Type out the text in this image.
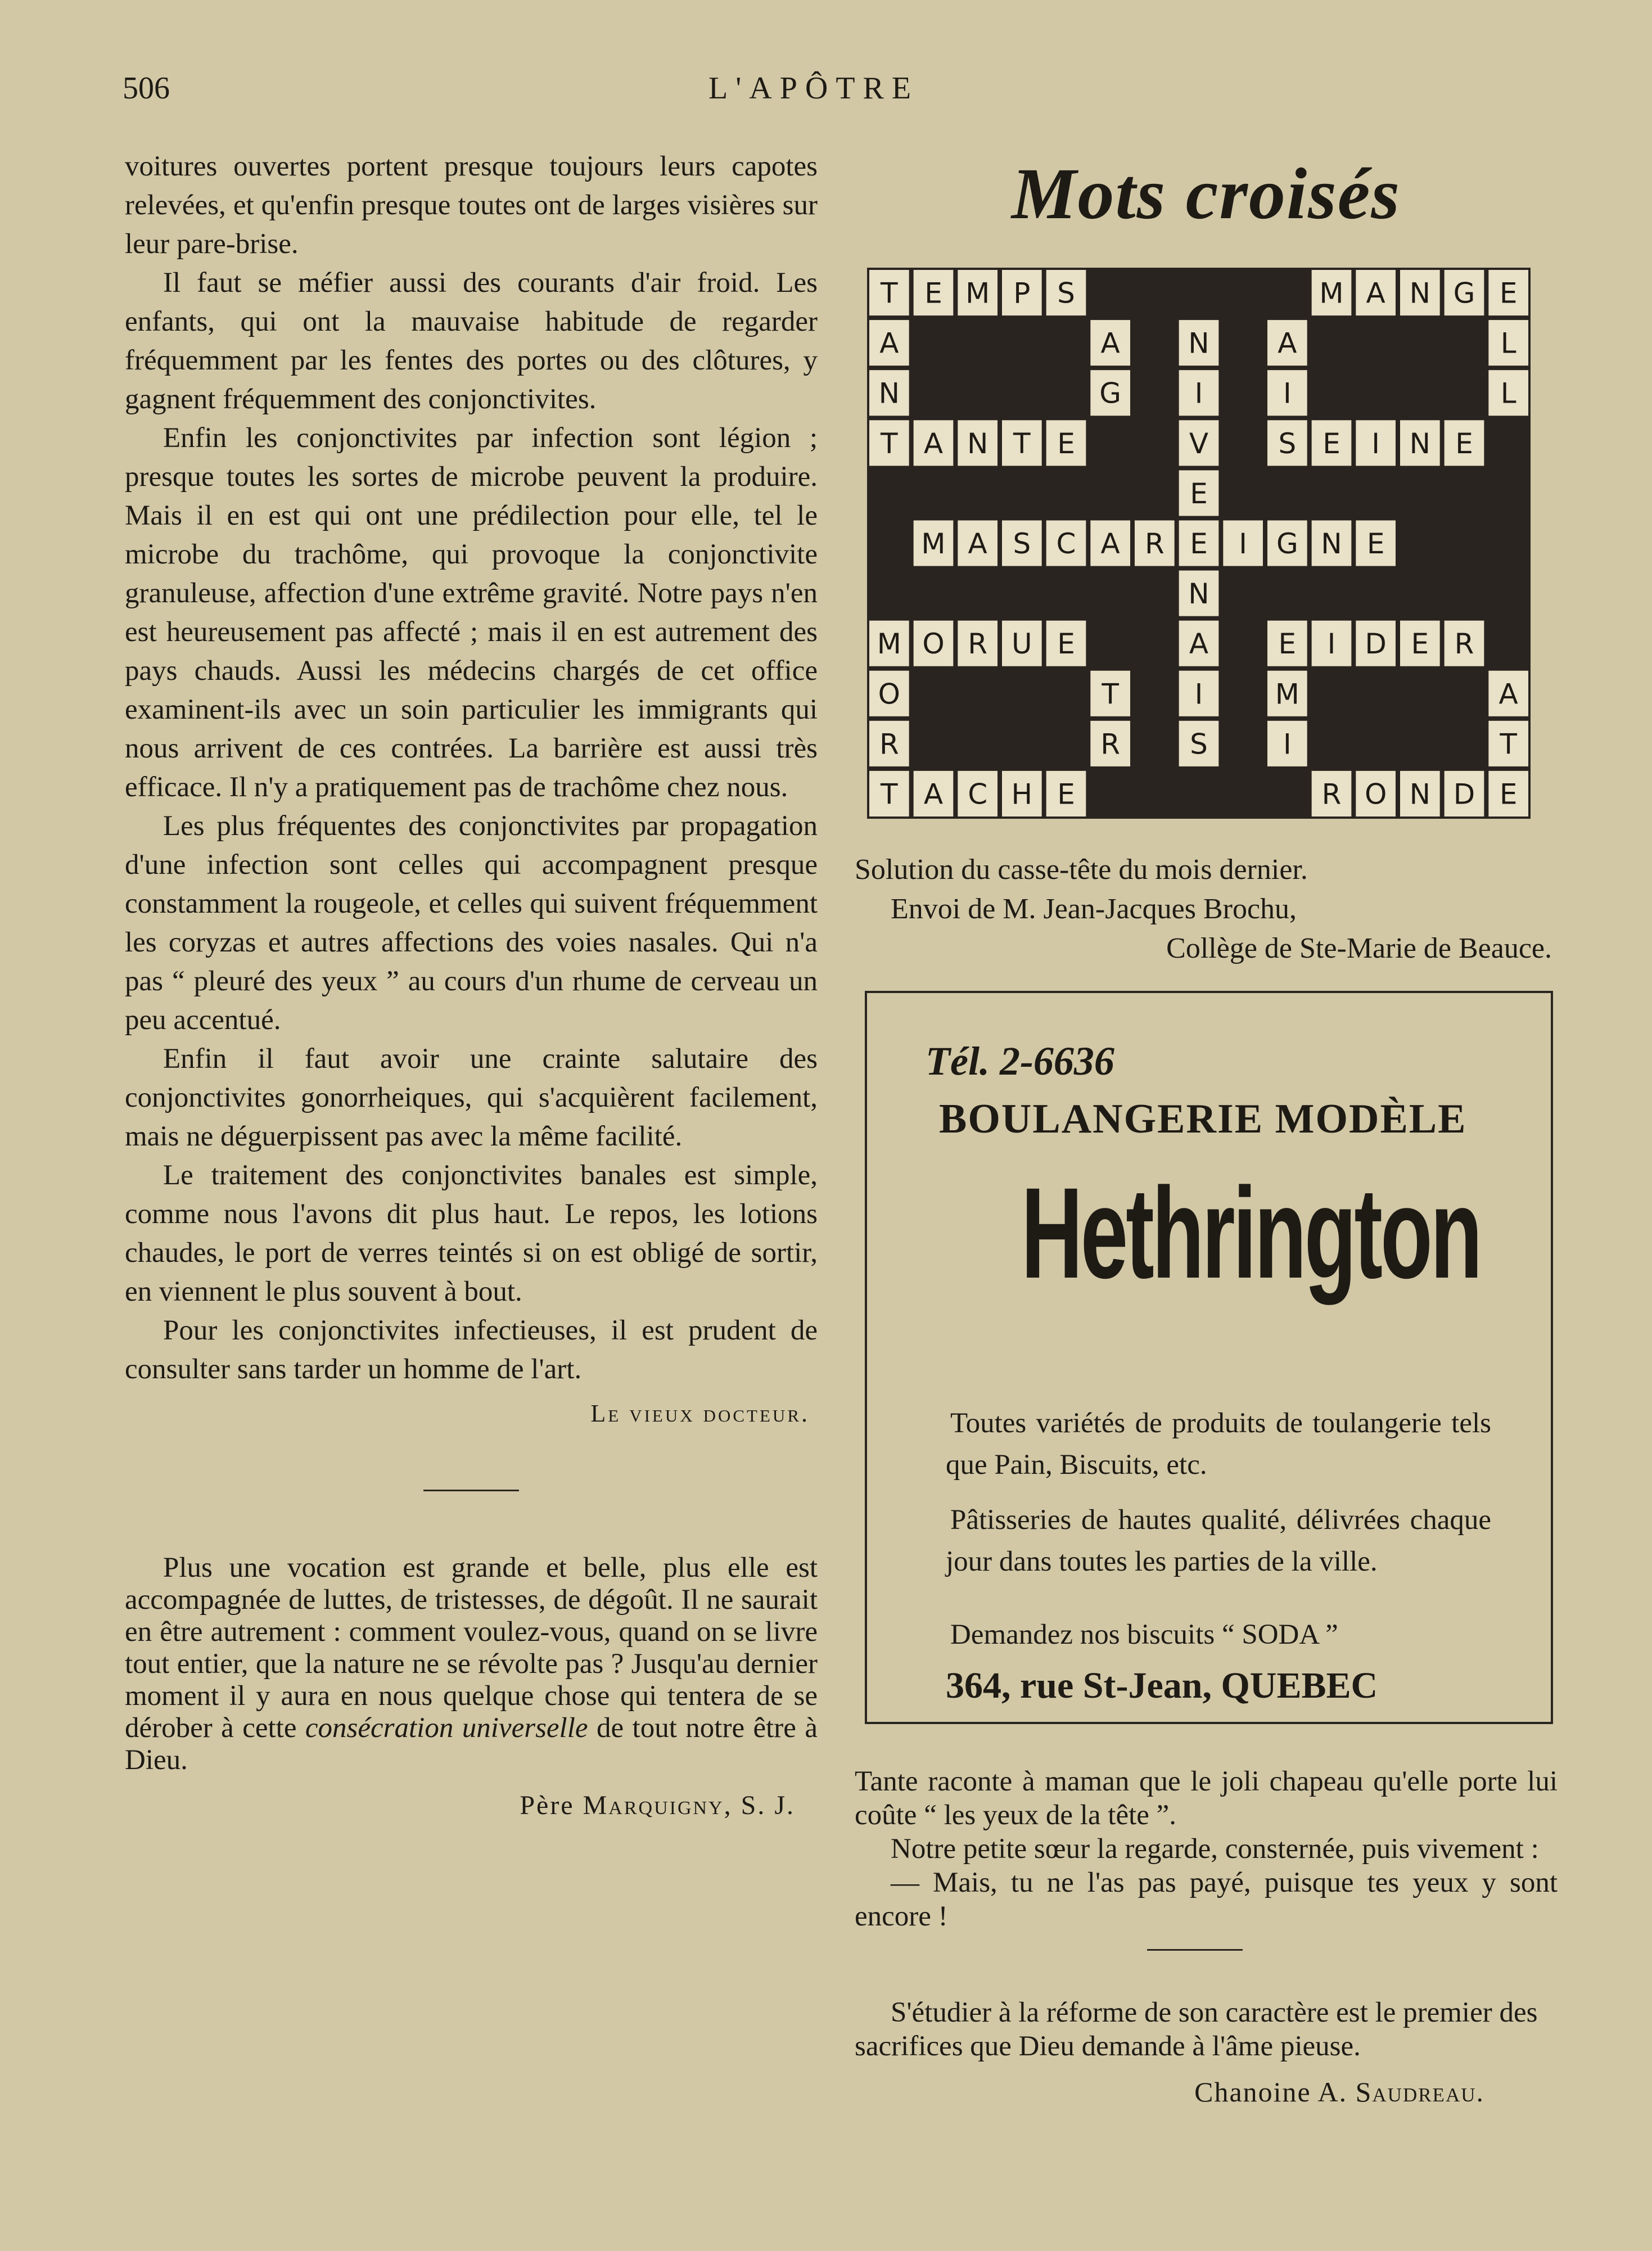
506	L'APÔTRE

voitures ouvertes portent presque toujours leurs capotes relevées, et qu'enfin presque toutes ont de larges visières sur leur pare-brise.

Il faut se méfier aussi des courants d'air froid. Les enfants, qui ont la mauvaise habitude de regarder fréquemment par les fentes des portes ou des clôtures, y gagnent fréquemment des conjonctivites.

Enfin les conjonctivites par infection sont légion ; presque toutes les sortes de microbe peuvent la produire. Mais il en est qui ont une prédilection pour elle, tel le microbe du trachôme, qui provoque la conjonctivite granuleuse, affection d'une extrême gravité. Notre pays n'en est heureusement pas affecté ; mais il en est autrement des pays chauds. Aussi les médecins chargés de cet office examinent-ils avec un soin particulier les immigrants qui nous arrivent de ces contrées. La barrière est aussi très efficace. Il n'y a pratiquement pas de trachôme chez nous.

Les plus fréquentes des conjonctivites par propagation d'une infection sont celles qui accompagnent presque constamment la rougeole, et celles qui suivent fréquemment les coryzas et autres affections des voies nasales. Qui n'a pas “ pleuré des yeux ” au cours d'un rhume de cerveau un peu accentué.

Enfin il faut avoir une crainte salutaire des conjonctivites gonorrheiques, qui s'acquièrent facilement, mais ne déguerpissent pas avec la même facilité.

Le traitement des conjonctivites banales est simple, comme nous l'avons dit plus haut. Le repos, les lotions chaudes, le port de verres teintés si on est obligé de sortir, en viennent le plus souvent à bout.

Pour les conjonctivites infectieuses, il est prudent de consulter sans tarder un homme de l'art.

Le vieux docteur.

Plus une vocation est grande et belle, plus elle est accompagnée de luttes, de tristesses, de dégoût. Il ne saurait en être autrement : comment voulez-vous, quand on se livre tout entier, que la nature ne se révolte pas ? Jusqu'au dernier moment il y aura en nous quelque chose qui tentera de se dérober à cette consécration universelle de tout notre être à Dieu.

Père Marquigny, S. J.
Mots croisés
T E M P S	M A N G E
A	A N A	L
N	G	I	I	L
T A N T E	V S E I N E
E
M A S C A R E I G N E
N
M O R U E	A E I D E R
O	T	I	M	A
R	R S	I	T
T A C H E	R O N D E
Solution du casse-tête du mois dernier.
Envoi de M. Jean-Jacques Brochu,
Collège de Ste-Marie de Beauce.
Tél. 2-6636
BOULANGERIE MODÈLE
Hethrington
Toutes variétés de produits de toulangerie tels que Pain, Biscuits, etc.
Pâtisseries de hautes qualité, délivrées chaque jour dans toutes les parties de la ville.
Demandez nos biscuits “ SODA ”
364, rue St-Jean, QUEBEC

Tante raconte à maman que le joli chapeau qu'elle porte lui coûte “ les yeux de la tête ”.

Notre petite sœur la regarde, consternée, puis vivement :

— Mais, tu ne l'as pas payé, puisque tes yeux y sont encore !

S'étudier à la réforme de son caractère est le premier des sacrifices que Dieu demande à l'âme pieuse.

Chanoine A. Saudreau.
